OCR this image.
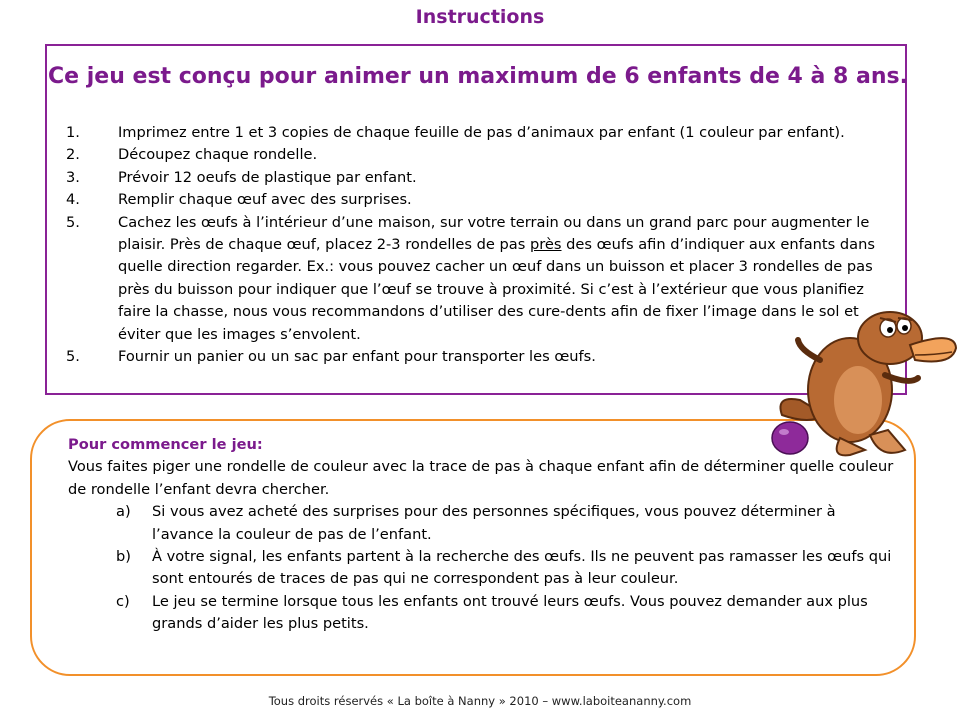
Instructions
Ce jeu est conçu pour animer un maximum de 6 enfants de 4 à 8 ans.
1.	Imprimez entre 1 et 3 copies de chaque feuille de pas d’animaux par enfant (1 couleur par enfant).
2.	Découpez chaque rondelle.
3.	Prévoir 12 oeufs de plastique par enfant.
4.	Remplir chaque œuf avec des surprises.
5.	Cachez les œufs à l’intérieur d’une maison, sur votre terrain ou dans un grand parc pour augmenter le plaisir. Près de chaque œuf, placez 2-3 rondelles de pas près des œufs afin d’indiquer aux enfants dans quelle direction regarder. Ex.: vous pouvez cacher un œuf dans un buisson et placer 3 rondelles de pas près du buisson pour indiquer que l’œuf se trouve à proximité. Si c’est à l’extérieur que vous planifiez faire la chasse, nous vous recommandons d’utiliser des cure-dents afin de fixer l’image dans le sol et éviter que les images s’envolent.
5.	Fournir un panier ou un sac par enfant pour transporter les œufs.
Pour commencer le jeu:
Vous faites piger une rondelle de couleur avec la trace de pas à chaque enfant afin de déterminer quelle couleur de rondelle l’enfant devra chercher.
a) Si vous avez acheté des surprises pour des personnes spécifiques, vous pouvez déterminer à l’avance la couleur de pas de l’enfant.
b) À votre signal, les enfants partent à la recherche des œufs. Ils ne peuvent pas ramasser les œufs qui sont entourés de traces de pas qui ne correspondent pas à leur couleur.
c) Le jeu se termine lorsque tous les enfants ont trouvé leurs œufs. Vous pouvez demander aux plus grands d’aider les plus petits.
Tous droits réservés « La boîte à Nanny » 2010 – www.laboiteananny.com
